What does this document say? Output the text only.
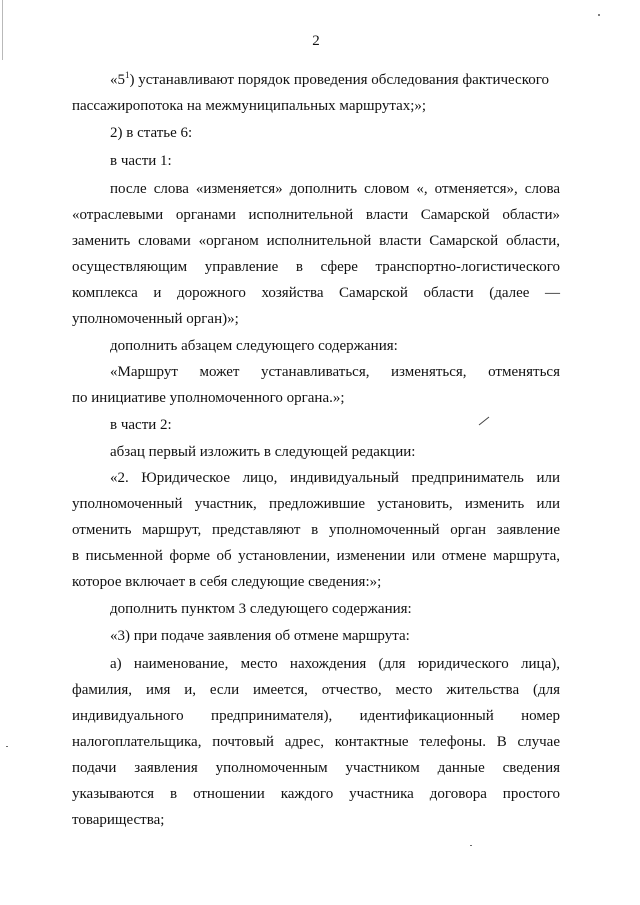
2
«$5^1$) устанавливают порядок проведения обследования фактического
пассажиропотока на межмуниципальных маршрутах;»;
2) в статье 6:
в части 1:
после слова «изменяется» дополнить словом «, отменяется», слова
«отраслевыми органами исполнительной власти Самарской области»
заменить словами «органом исполнительной власти Самарской области,
осуществляющим управление в сфере транспортно-логистического
комплекса и дорожного хозяйства Самарской области (далее —
уполномоченный орган)»;
дополнить абзацем следующего содержания:
«Маршрут может устанавливаться, изменяться, отменяться
по инициативе уполномоченного органа.»;
в части 2:
абзац первый изложить в следующей редакции:
«2. Юридическое лицо, индивидуальный предприниматель или
уполномоченный участник, предложившие установить, изменить или
отменить маршрут, представляют в уполномоченный орган заявление
в письменной форме об установлении, изменении или отмене маршрута,
которое включает в себя следующие сведения:»;
дополнить пунктом 3 следующего содержания:
«3) при подаче заявления об отмене маршрута:
а) наименование, место нахождения (для юридического лица),
фамилия, имя и, если имеется, отчество, место жительства (для
индивидуального предпринимателя), идентификационный номер
налогоплательщика, почтовый адрес, контактные телефоны. В случае
подачи заявления уполномоченным участником данные сведения
указываются в отношении каждого участника договора простого
товарищества;
